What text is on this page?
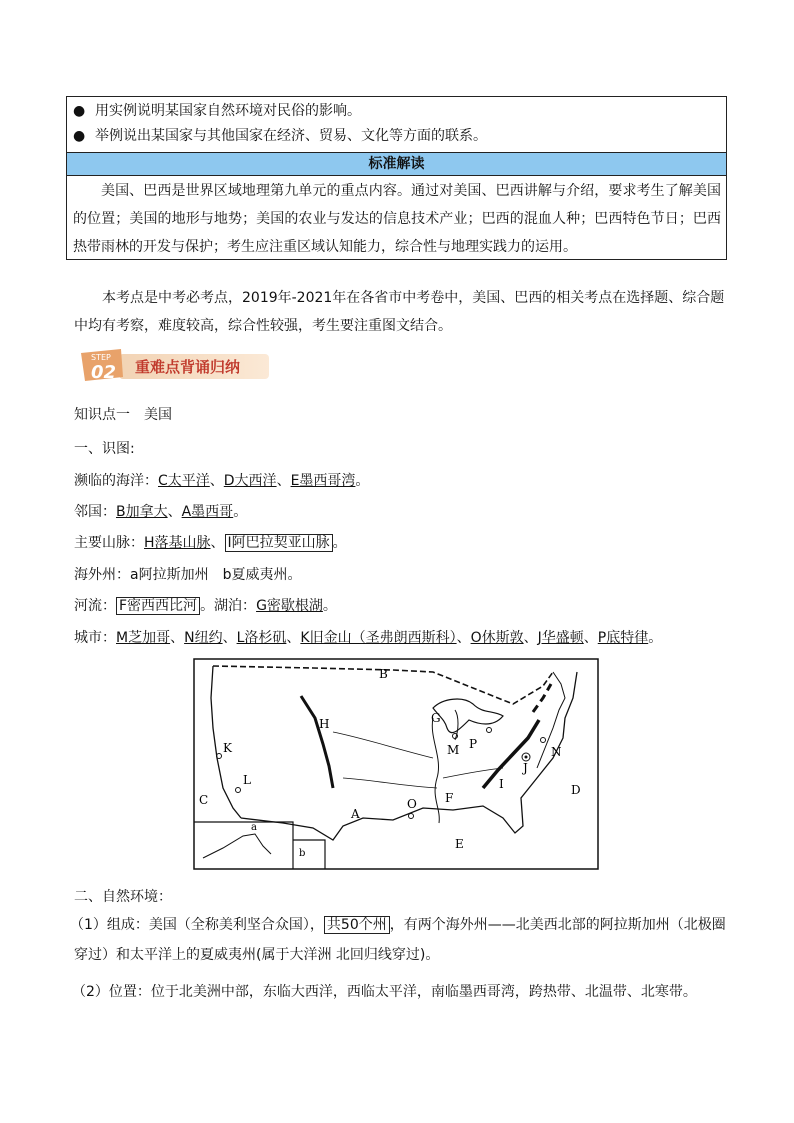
● 用实例说明某国家自然环境对民俗的影响。
● 举例说出某国家与其他国家在经济、贸易、文化等方面的联系。
标准解读
美国、巴西是世界区域地理第九单元的重点内容。通过对美国、巴西讲解与介绍，要求考生了解美国的位置；美国的地形与地势；美国的农业与发达的信息技术产业；巴西的混血人种；巴西特色节日；巴西热带雨林的开发与保护；考生应注重区域认知能力，综合性与地理实践力的运用。
本考点是中考必考点，2019年-2021年在各省市中考卷中，美国、巴西的相关考点在选择题、综合题中均有考察，难度较高，综合性较强，考生要注重图文结合。
STEP
02 重难点背诵归纳
知识点一　美国
一、识图:
濒临的海洋：C太平洋、D大西洋、E墨西哥湾。
邻国：B加拿大、A墨西哥。
主要山脉：H落基山脉、 I阿巴拉契亚山脉 。
海外州：a阿拉斯加州　b夏威夷州。
河流： F密西西比河 。湖泊：G密歇根湖。
城市：M芝加哥、N纽约、L洛杉矶、K旧金山（圣弗朗西斯科）、O休斯敦、J华盛顿、P底特律。
B
A
C
D
E
F
G
H
I
J
K
L
M	N
O
P
a
b
二、自然环境：
（1）组成：美国（全称美利坚合众国）， 共50个州 ，有两个海外州——北美西北部的阿拉斯加州（北极圈穿过）和太平洋上的夏威夷州(属于大洋洲 北回归线穿过)。
（2）位置：位于北美洲中部，东临大西洋，西临太平洋，南临墨西哥湾，跨热带、北温带、北寒带。
